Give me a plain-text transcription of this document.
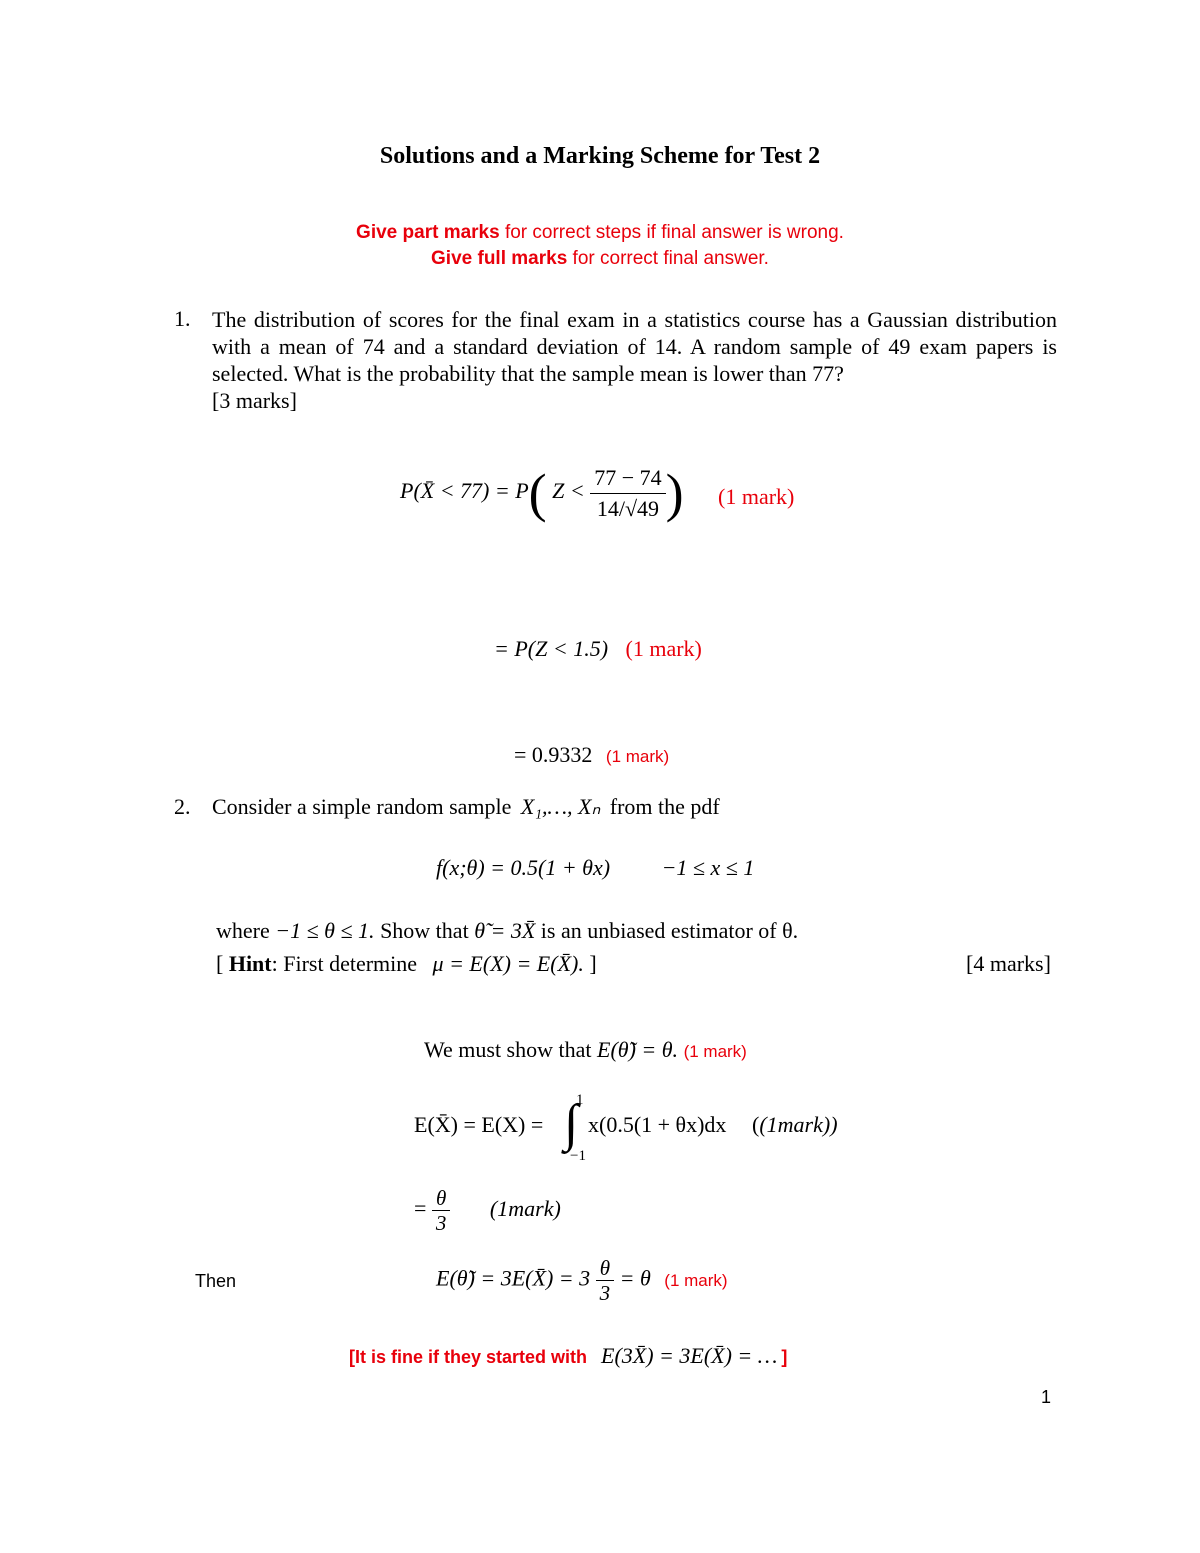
Solutions and a Marking Scheme for Test 2
Give part marks for correct steps if final answer is wrong.
Give full marks for correct final answer.
1. The distribution of scores for the final exam in a statistics course has a Gaussian distribution with a mean of 74 and a standard deviation of 14. A random sample of 49 exam papers is selected. What is the probability that the sample mean is lower than 77?
[3 marks]
P(X̄ < 77) = P( $Z < \frac{77 - 74}{14/√49}$ ) (1 mark)
= P(Z < 1.5) (1 mark)
= 0.9332 (1 mark)
2. Consider a simple random sample X₁,…, Xₙ from the pdf
f(x;θ) = 0.5(1 + θx) −1 ≤ x ≤ 1
where −1 ≤ θ ≤ 1. Show that θ̃ = 3X̄ is an unbiased estimator of θ.
[ Hint: First determine μ = E(X) = E(X̄). ]	[4 marks]
We must show that E(θ̃) = θ. (1 mark)
E(X̄) = E(X) =
1
∫
−1
x(0.5(1 + θx)dx ((1mark))
= $\frac{\theta}{3}$ (1mark)
Then	E(θ̃) = 3E(X̄) = $3 \frac{\theta}{3} = \theta$ (1 mark)
[It is fine if they started with E(3X̄) = 3E(X̄) = … ]
1
